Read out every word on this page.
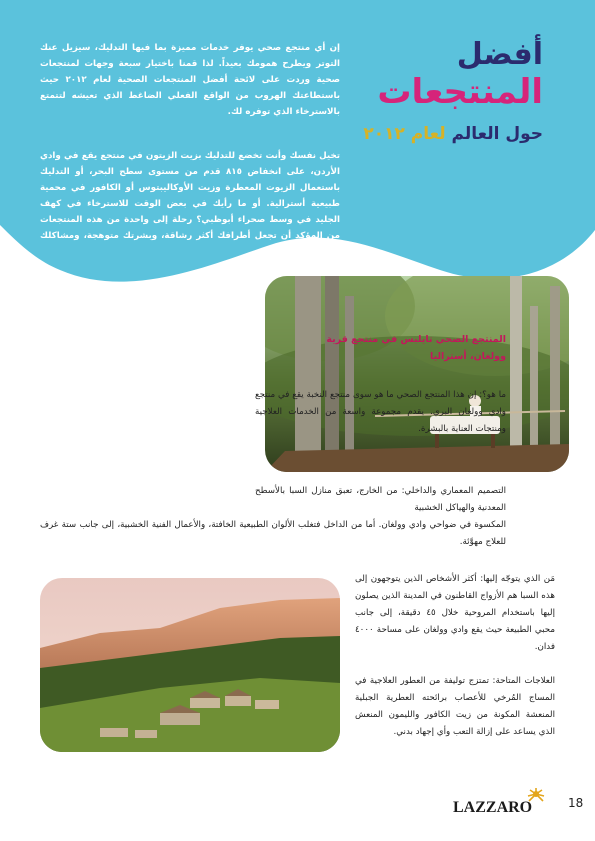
أفضل
المنتجعات
حول العالم لعام ٢٠١٢
إن أي منتجع صحي يوفر خدمات مميزة بما فيها التدليك، سيزيل عنك التوتر ويطرح همومك بعيداً. لذا قمنا باختيار سبعة وجهات لمنتجعات صحية وردت على لائحة أفضل المنتجعات الصحية لعام ٢٠١٢ حيث باستطاعتك الهروب من الواقع الفعلي الضاغط الذي تعيشه لتتمتع بالاسترخاء الذي توفره لك.
تخيل نفسك وأنت تخضع للتدليك بزيت الزيتون في منتجع يقع في وادي الأردن، على انخفاض ٨١٥ قدم من مستوى سطح البحر، أو التدليك باستعمال الزيوت المعطرة وزيت الأوكاليبتوس أو الكافور في محمية طبيعية أسترالية. أو ما رأيك في بعض الوقت للاسترخاء في كهف الجليد في وسط صحراء أبوظبي؟ رحلة إلى واحدة من هذه المنتجعات من المؤكد أن تجعل أطرافك أكثر رشاقة، وبشرتك متوهجة، ومشاكلك بعيداً عنك.
المنتجع الصحي تايلبس في منتجع قرية وولغان، أستراليا
ما هو؟: إن هذا المنتجع الصحي ما هو سوى منتجع النخبة يقع في منتجع وادي وولغان البري. يقدم مجموعة واسعة من الخدمات العلاجية ومنتجات العناية بالبشرة.
التصميم المعماري والداخلي: من الخارج، تعبق منازل السبا بالأسطح المعدنية والهياكل الخشبية
المكسوة في ضواحي وادي وولغان. أما من الداخل فتغلب الألوان الطبيعية الخافتة، والأعمال الفنية الخشبية، إلى جانب ستة غرف للعلاج مهوَّئة.
مَن الذي يتوجّه إليها: أكثر الأشخاص الذين يتوجهون إلى هذه السبا هم الأزواج القاطنون في المدينة الذين يصلون إليها باستخدام المروحية خلال ٤٥ دقيقة، إلى جانب محبي الطبيعة حيث يقع وادي وولغان على مساحة ٤٠٠٠ فدان.
العلاجات المتاحة: تمتزج توليفة من العطور العلاجية في المساج المُرخي للأعصاب برائحته العطرية الجبلية المنعشة المكونة من زيت الكافور والليمون المنعش الذي يساعد على إزالة التعب وأي إجهاد بدني.
LAZZARO	18
